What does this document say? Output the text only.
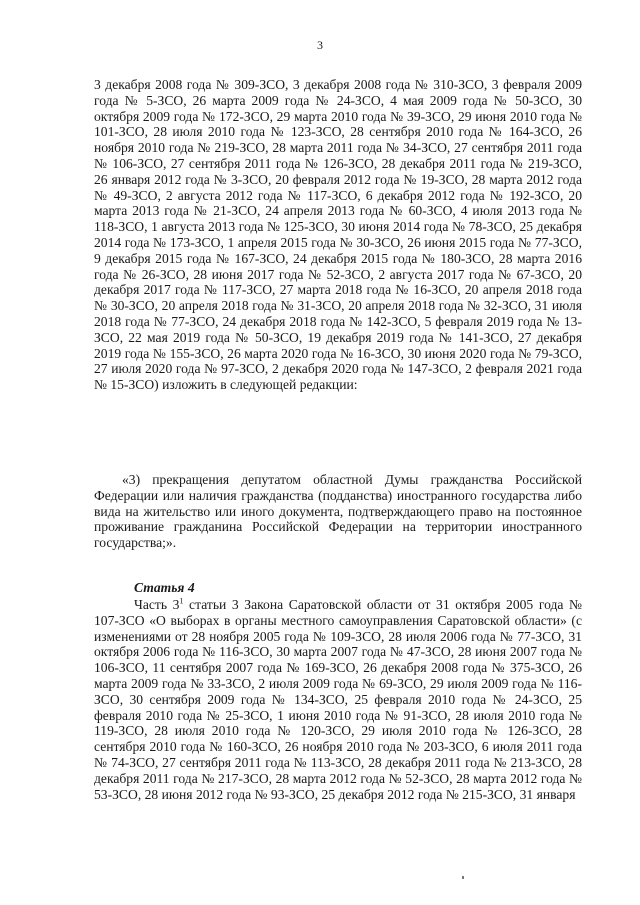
3

3 декабря 2008 года № 309-ЗСО, 3 декабря 2008 года № 310-ЗСО, 3 февраля 2009 года № 5-ЗСО, 26 марта 2009 года № 24-ЗСО, 4 мая 2009 года № 50-ЗСО, 30 октября 2009 года № 172-ЗСО, 29 марта 2010 года № 39-ЗСО, 29 июня 2010 года № 101-ЗСО, 28 июля 2010 года № 123-ЗСО, 28 сентября 2010 года № 164-ЗСО, 26 ноября 2010 года № 219-ЗСО, 28 марта 2011 года № 34-ЗСО, 27 сентября 2011 года № 106-ЗСО, 27 сентября 2011 года № 126-ЗСО, 28 декабря 2011 года № 219-ЗСО, 26 января 2012 года № 3-ЗСО, 20 февраля 2012 года № 19-ЗСО, 28 марта 2012 года № 49-ЗСО, 2 августа 2012 года № 117-ЗСО, 6 декабря 2012 года № 192-ЗСО, 20 марта 2013 года № 21-ЗСО, 24 апреля 2013 года № 60-ЗСО, 4 июля 2013 года № 118-ЗСО, 1 августа 2013 года № 125-ЗСО, 30 июня 2014 года № 78-ЗСО, 25 декабря 2014 года № 173-ЗСО, 1 апреля 2015 года № 30-ЗСО, 26 июня 2015 года № 77-ЗСО, 9 декабря 2015 года № 167-ЗСО, 24 декабря 2015 года № 180-ЗСО, 28 марта 2016 года № 26-ЗСО, 28 июня 2017 года № 52-ЗСО, 2 августа 2017 года № 67-ЗСО, 20 декабря 2017 года № 117-ЗСО, 27 марта 2018 года № 16-ЗСО, 20 апреля 2018 года № 30-ЗСО, 20 апреля 2018 года № 31-ЗСО, 20 апреля 2018 года № 32-ЗСО, 31 июля 2018 года № 77-ЗСО, 24 декабря 2018 года № 142-ЗСО, 5 февраля 2019 года № 13-ЗСО, 22 мая 2019 года № 50-ЗСО, 19 декабря 2019 года № 141-ЗСО, 27 декабря 2019 года № 155-ЗСО, 26 марта 2020 года № 16-ЗСО, 30 июня 2020 года № 79-ЗСО, 27 июля 2020 года № 97-ЗСО, 2 декабря 2020 года № 147-ЗСО, 2 февраля 2021 года № 15-ЗСО) изложить в следующей редакции:

«3) прекращения депутатом областной Думы гражданства Российской Федерации или наличия гражданства (подданства) иностранного государства либо вида на жительство или иного документа, подтверждающего право на постоянное проживание гражданина Российской Федерации на территории иностранного государства;».

Статья 4

Часть $3^1$ статьи 3 Закона Саратовской области от 31 октября 2005 года № 107-ЗСО «О выборах в органы местного самоуправления Саратовской области» (с изменениями от 28 ноября 2005 года № 109-ЗСО, 28 июля 2006 года № 77-ЗСО, 31 октября 2006 года № 116-ЗСО, 30 марта 2007 года № 47-ЗСО, 28 июня 2007 года № 106-ЗСО, 11 сентября 2007 года № 169-ЗСО, 26 декабря 2008 года № 375-ЗСО, 26 марта 2009 года № 33-ЗСО, 2 июля 2009 года № 69-ЗСО, 29 июля 2009 года № 116-ЗСО, 30 сентября 2009 года № 134-ЗСО, 25 февраля 2010 года № 24-ЗСО, 25 февраля 2010 года № 25-ЗСО, 1 июня 2010 года № 91-ЗСО, 28 июля 2010 года № 119-ЗСО, 28 июля 2010 года № 120-ЗСО, 29 июля 2010 года № 126-ЗСО, 28 сентября 2010 года № 160-ЗСО, 26 ноября 2010 года № 203-ЗСО, 6 июля 2011 года № 74-ЗСО, 27 сентября 2011 года № 113-ЗСО, 28 декабря 2011 года № 213-ЗСО, 28 декабря 2011 года № 217-ЗСО, 28 марта 2012 года № 52-ЗСО, 28 марта 2012 года № 53-ЗСО, 28 июня 2012 года № 93-ЗСО, 25 декабря 2012 года № 215-ЗСО, 31 января
